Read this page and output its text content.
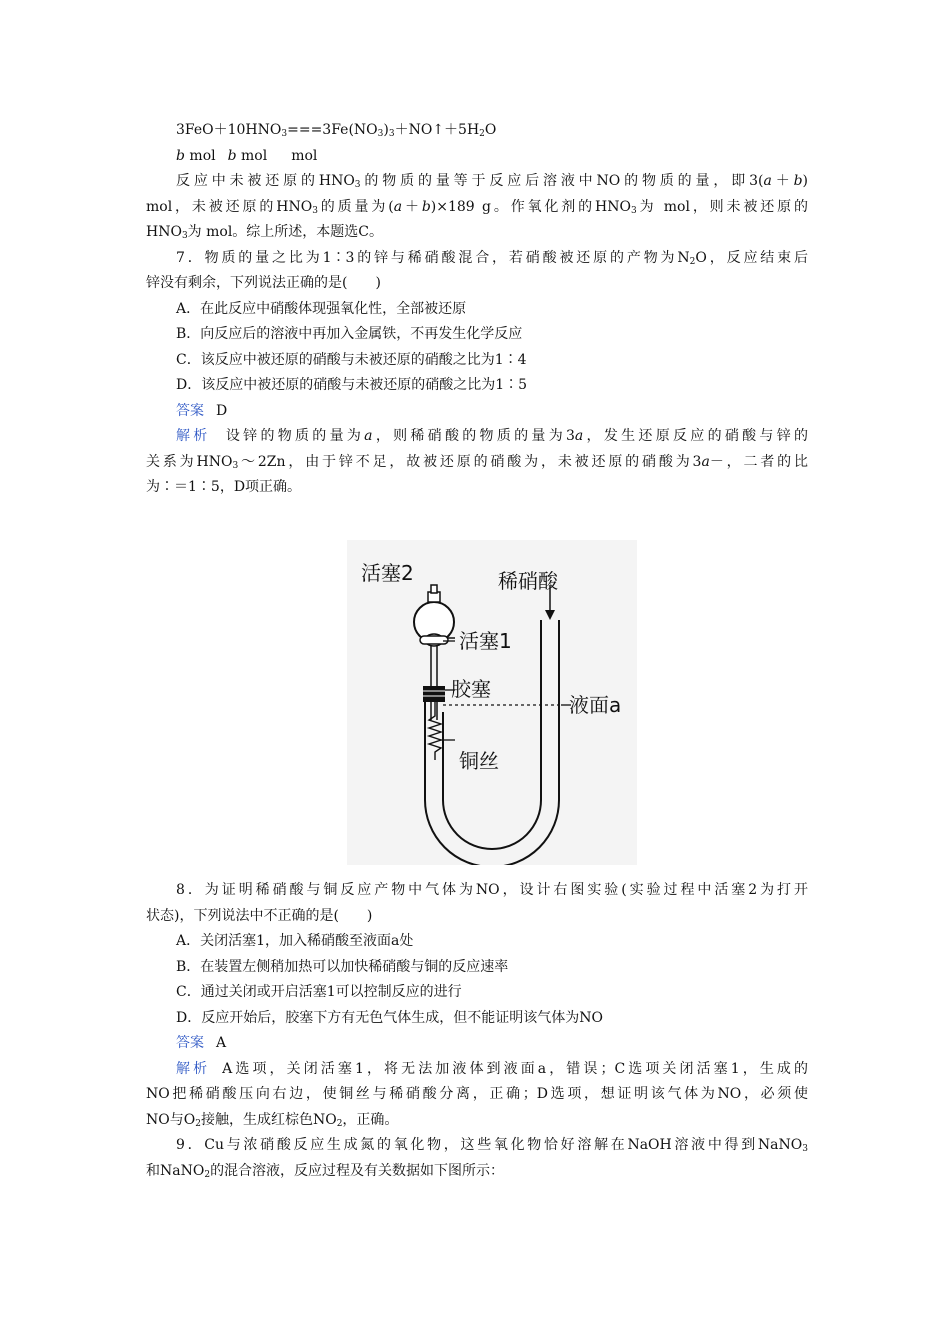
$3FeO+10HNO_3===3Fe(NO_3)_3+NO↑+5H_2O$
b mol b mol mol
反应中未被还原的$HNO_3$的物质的量等于反应后溶液中NO的物质的量，即3(a＋b)
mol，未被还原的$HNO_3$的质量为(a＋b)×189 g。作氧化剂的$HNO_3$为 mol，则未被还原的
$HNO_3$为 mol。综上所述，本题选C。
7．物质的量之比为1∶3的锌与稀硝酸混合，若硝酸被还原的产物为$N_2O$，反应结束后
锌没有剩余，下列说法正确的是(　　)
A．在此反应中硝酸体现强氧化性，全部被还原
B．向反应后的溶液中再加入金属铁，不再发生化学反应
C．该反应中被还原的硝酸与未被还原的硝酸之比为1∶4
D．该反应中被还原的硝酸与未被还原的硝酸之比为1∶5
答案 D
解析 设锌的物质的量为a，则稀硝酸的物质的量为3a，发生还原反应的硝酸与锌的
关系为$HNO_3\sim 2Zn$，由于锌不足，故被还原的硝酸为，未被还原的硝酸为3a－，二者的比
为∶＝1∶5，D项正确。
活塞2	稀硝酸
活塞1
胶塞
液面a
铜丝
8．为证明稀硝酸与铜反应产物中气体为NO，设计右图实验(实验过程中活塞2为打开
状态)，下列说法中不正确的是(　　)
A．关闭活塞1，加入稀硝酸至液面a处
B．在装置左侧稍加热可以加快稀硝酸与铜的反应速率
C．通过关闭或开启活塞1可以控制反应的进行
D．反应开始后，胶塞下方有无色气体生成，但不能证明该气体为NO
答案 A
解析 A选项，关闭活塞1，将无法加液体到液面a，错误；C选项关闭活塞1，生成的
NO把稀硝酸压向右边，使铜丝与稀硝酸分离，正确；D选项，想证明该气体为NO，必须使
NO与$O_2$接触，生成红棕色$NO_2$，正确。
9．Cu与浓硝酸反应生成氮的氧化物，这些氧化物恰好溶解在NaOH溶液中得到NaNO$_3$
和NaNO$_2$的混合溶液，反应过程及有关数据如下图所示：
